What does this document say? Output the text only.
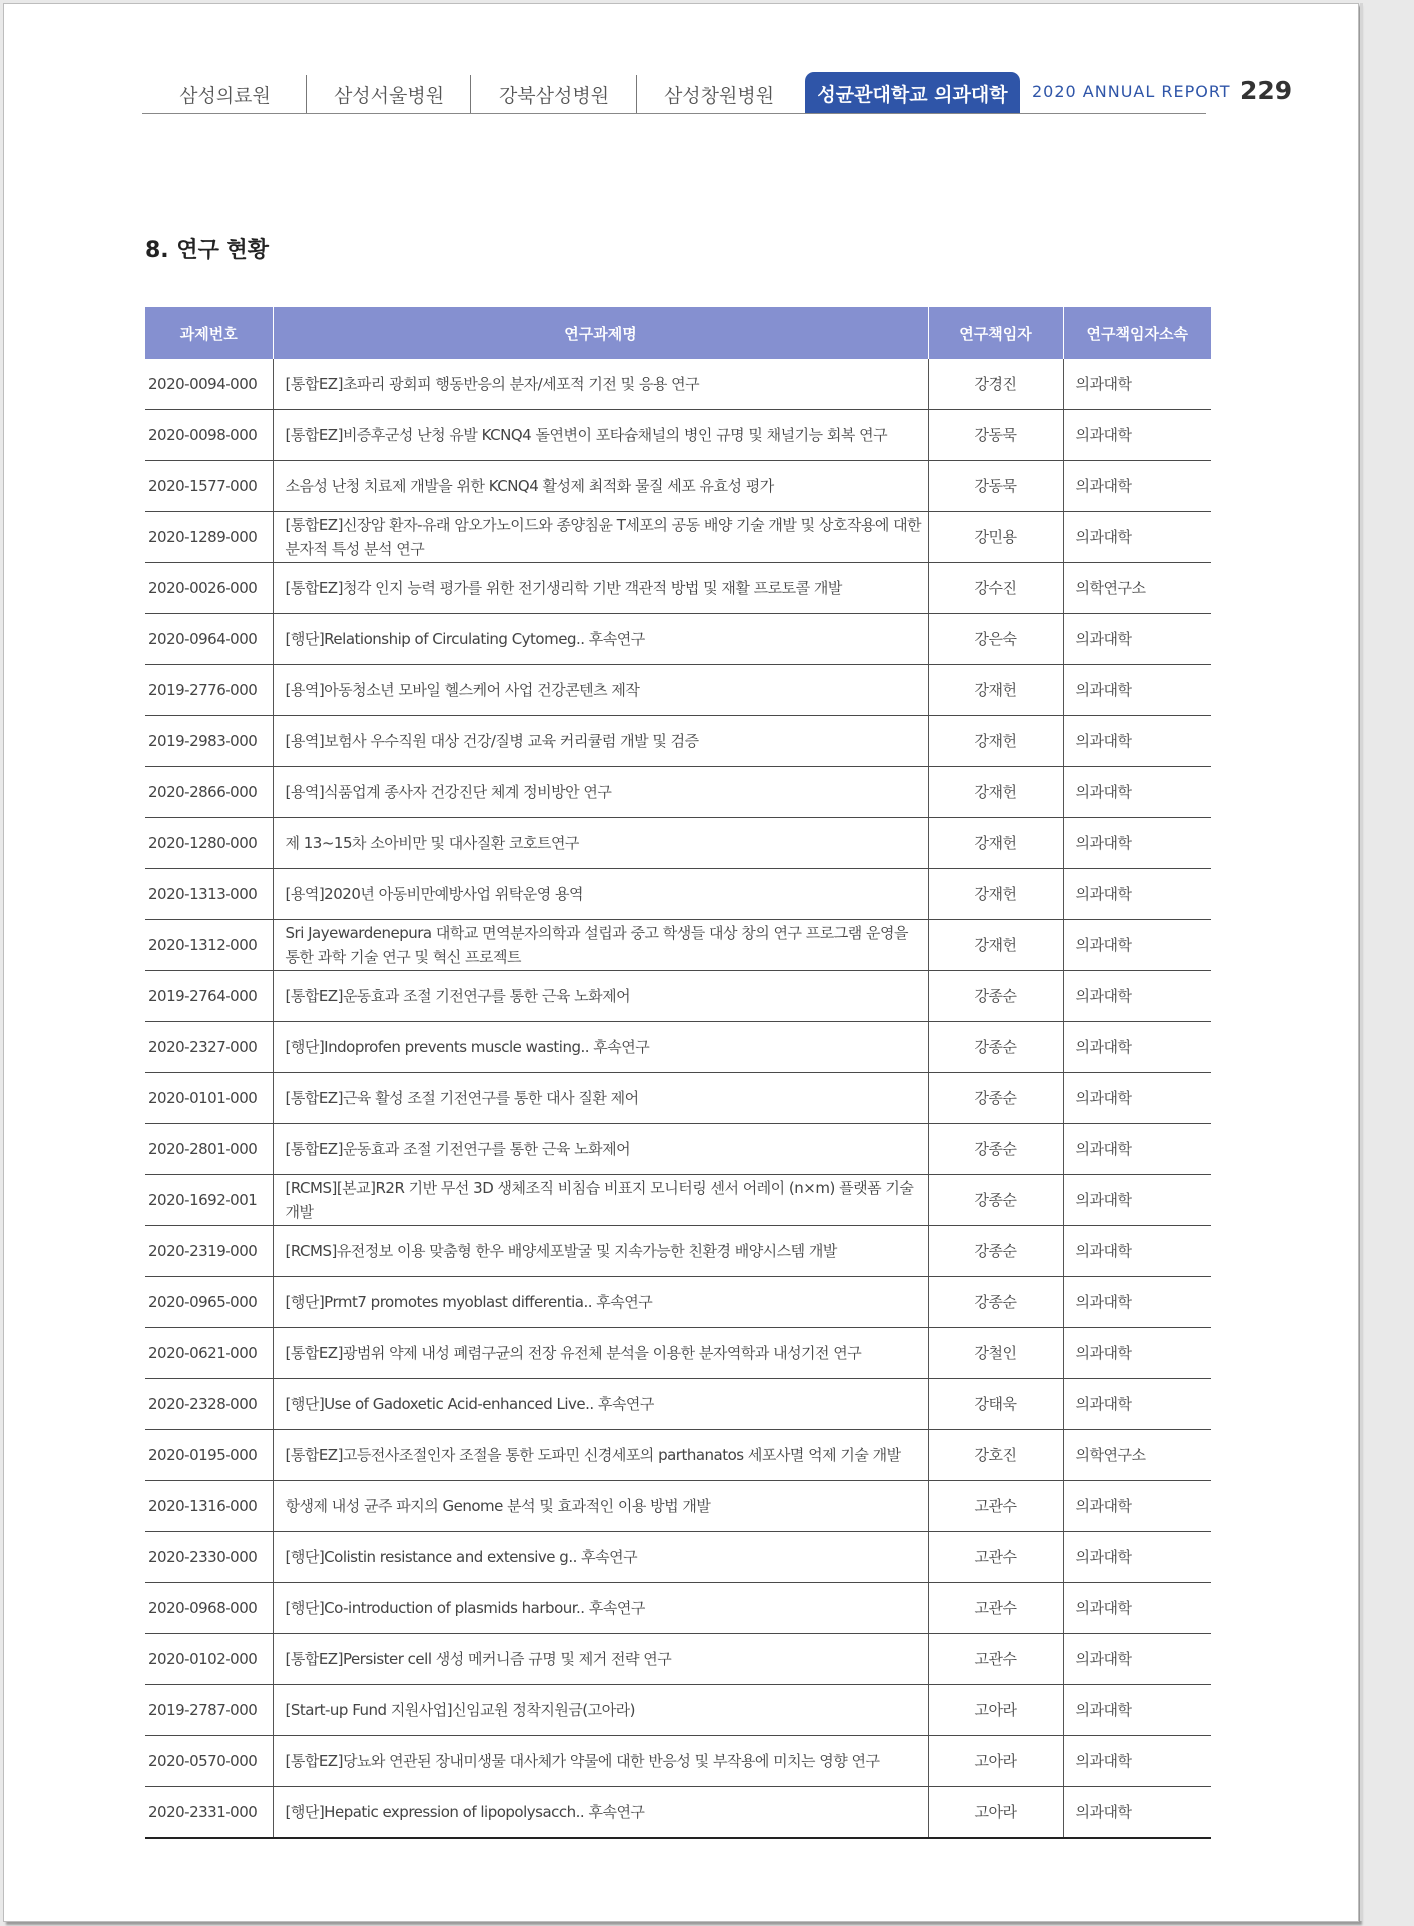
삼성의료원	삼성서울병원	강북삼성병원	삼성창원병원	성균관대학교 의과대학	2020 ANNUAL REPORT 229
8. 연구 현황
과제번호	연구과제명	연구책임자	연구책임자소속
2020-0094-000	[통합EZ]초파리 광회피 행동반응의 분자/세포적 기전 및 응용 연구	강경진	의과대학
2020-0098-000	[통합EZ]비증후군성 난청 유발 KCNQ4 돌연변이 포타슘채널의 병인 규명 및 채널기능 회복 연구	강동묵	의과대학
2020-1577-000	소음성 난청 치료제 개발을 위한 KCNQ4 활성제 최적화 물질 세포 유효성 평가	강동묵	의과대학
2020-1289-000	[통합EZ]신장암 환자-유래 암오가노이드와 종양침윤 T세포의 공동 배양 기술 개발 및 상호작용에 대한 분자적 특성 분석 연구	강민용	의과대학
2020-0026-000	[통합EZ]청각 인지 능력 평가를 위한 전기생리학 기반 객관적 방법 및 재활 프로토콜 개발	강수진	의학연구소
2020-0964-000	[행단]Relationship of Circulating Cytomeg.. 후속연구	강은숙	의과대학
2019-2776-000	[용역]아동청소년 모바일 헬스케어 사업 건강콘텐츠 제작	강재헌	의과대학
2019-2983-000	[용역]보험사 우수직원 대상 건강/질병 교육 커리큘럼 개발 및 검증	강재헌	의과대학
2020-2866-000	[용역]식품업계 종사자 건강진단 체계 정비방안 연구	강재헌	의과대학
2020-1280-000	제 13~15차 소아비만 및 대사질환 코호트연구	강재헌	의과대학
2020-1313-000	[용역]2020년 아동비만예방사업 위탁운영 용역	강재헌	의과대학
2020-1312-000	Sri Jayewardenepura 대학교 면역분자의학과 설립과 중고 학생들 대상 창의 연구 프로그램 운영을 통한 과학 기술 연구 및 혁신 프로젝트	강재헌	의과대학
2019-2764-000	[통합EZ]운동효과 조절 기전연구를 통한 근육 노화제어	강종순	의과대학
2020-2327-000	[행단]Indoprofen prevents muscle wasting.. 후속연구	강종순	의과대학
2020-0101-000	[통합EZ]근육 활성 조절 기전연구를 통한 대사 질환 제어	강종순	의과대학
2020-2801-000	[통합EZ]운동효과 조절 기전연구를 통한 근육 노화제어	강종순	의과대학
2020-1692-001	[RCMS][본교]R2R 기반 무선 3D 생체조직 비침습 비표지 모니터링 센서 어레이 (n×m) 플랫폼 기술개발	강종순	의과대학
2020-2319-000	[RCMS]유전정보 이용 맞춤형 한우 배양세포발굴 및 지속가능한 친환경 배양시스템 개발	강종순	의과대학
2020-0965-000	[행단]Prmt7 promotes myoblast differentia.. 후속연구	강종순	의과대학
2020-0621-000	[통합EZ]광범위 약제 내성 폐렴구균의 전장 유전체 분석을 이용한 분자역학과 내성기전 연구	강철인	의과대학
2020-2328-000	[행단]Use of Gadoxetic Acid-enhanced Live.. 후속연구	강태욱	의과대학
2020-0195-000	[통합EZ]고등전사조절인자 조절을 통한 도파민 신경세포의 parthanatos 세포사멸 억제 기술 개발	강호진	의학연구소
2020-1316-000	항생제 내성 균주 파지의 Genome 분석 및 효과적인 이용 방법 개발	고관수	의과대학
2020-2330-000	[행단]Colistin resistance and extensive g.. 후속연구	고관수	의과대학
2020-0968-000	[행단]Co-introduction of plasmids harbour.. 후속연구	고관수	의과대학
2020-0102-000	[통합EZ]Persister cell 생성 메커니즘 규명 및 제거 전략 연구	고관수	의과대학
2019-2787-000	[Start-up Fund 지원사업]신임교원 정착지원금(고아라)	고아라	의과대학
2020-0570-000	[통합EZ]당뇨와 연관된 장내미생물 대사체가 약물에 대한 반응성 및 부작용에 미치는 영향 연구	고아라	의과대학
2020-2331-000	[행단]Hepatic expression of lipopolysacch.. 후속연구	고아라	의과대학
